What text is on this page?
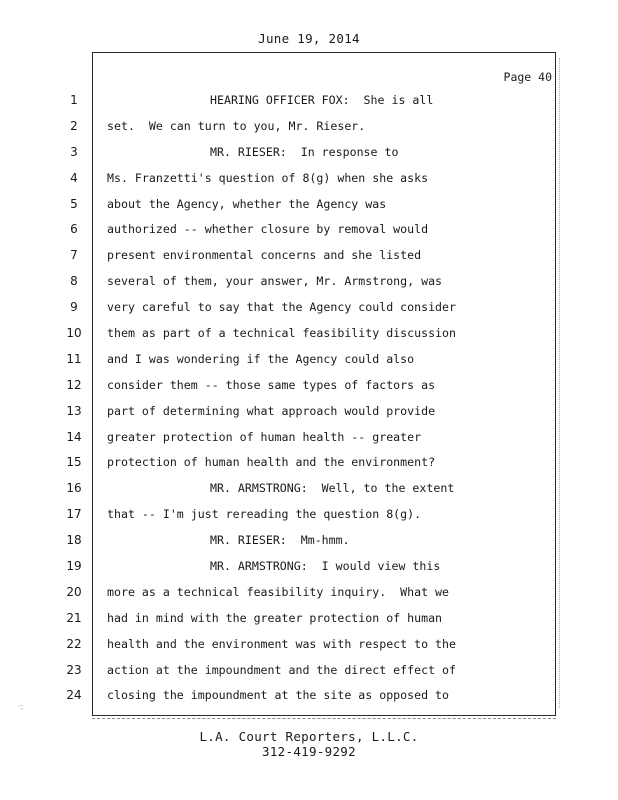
June 19, 2014
Page 40
1
2
3
4
5
6
7
8
9
10
11
12
13
14
15
16
17
18
19
20
21
22
23
24
HEARING OFFICER FOX:  She is all
set.  We can turn to you, Mr. Rieser.
MR. RIESER:  In response to
Ms. Franzetti's question of 8(g) when she asks
about the Agency, whether the Agency was
authorized -- whether closure by removal would
present environmental concerns and she listed
several of them, your answer, Mr. Armstrong, was
very careful to say that the Agency could consider
them as part of a technical feasibility discussion
and I was wondering if the Agency could also
consider them -- those same types of factors as
part of determining what approach would provide
greater protection of human health -- greater
protection of human health and the environment?
MR. ARMSTRONG:  Well, to the extent
that -- I'm just rereading the question 8(g).
MR. RIESER:  Mm-hmm.
MR. ARMSTRONG:  I would view this
more as a technical feasibility inquiry.  What we
had in mind with the greater protection of human
health and the environment was with respect to the
action at the impoundment and the direct effect of
closing the impoundment at the site as opposed to
·:
L.A. Court Reporters, L.L.C.
312-419-9292
